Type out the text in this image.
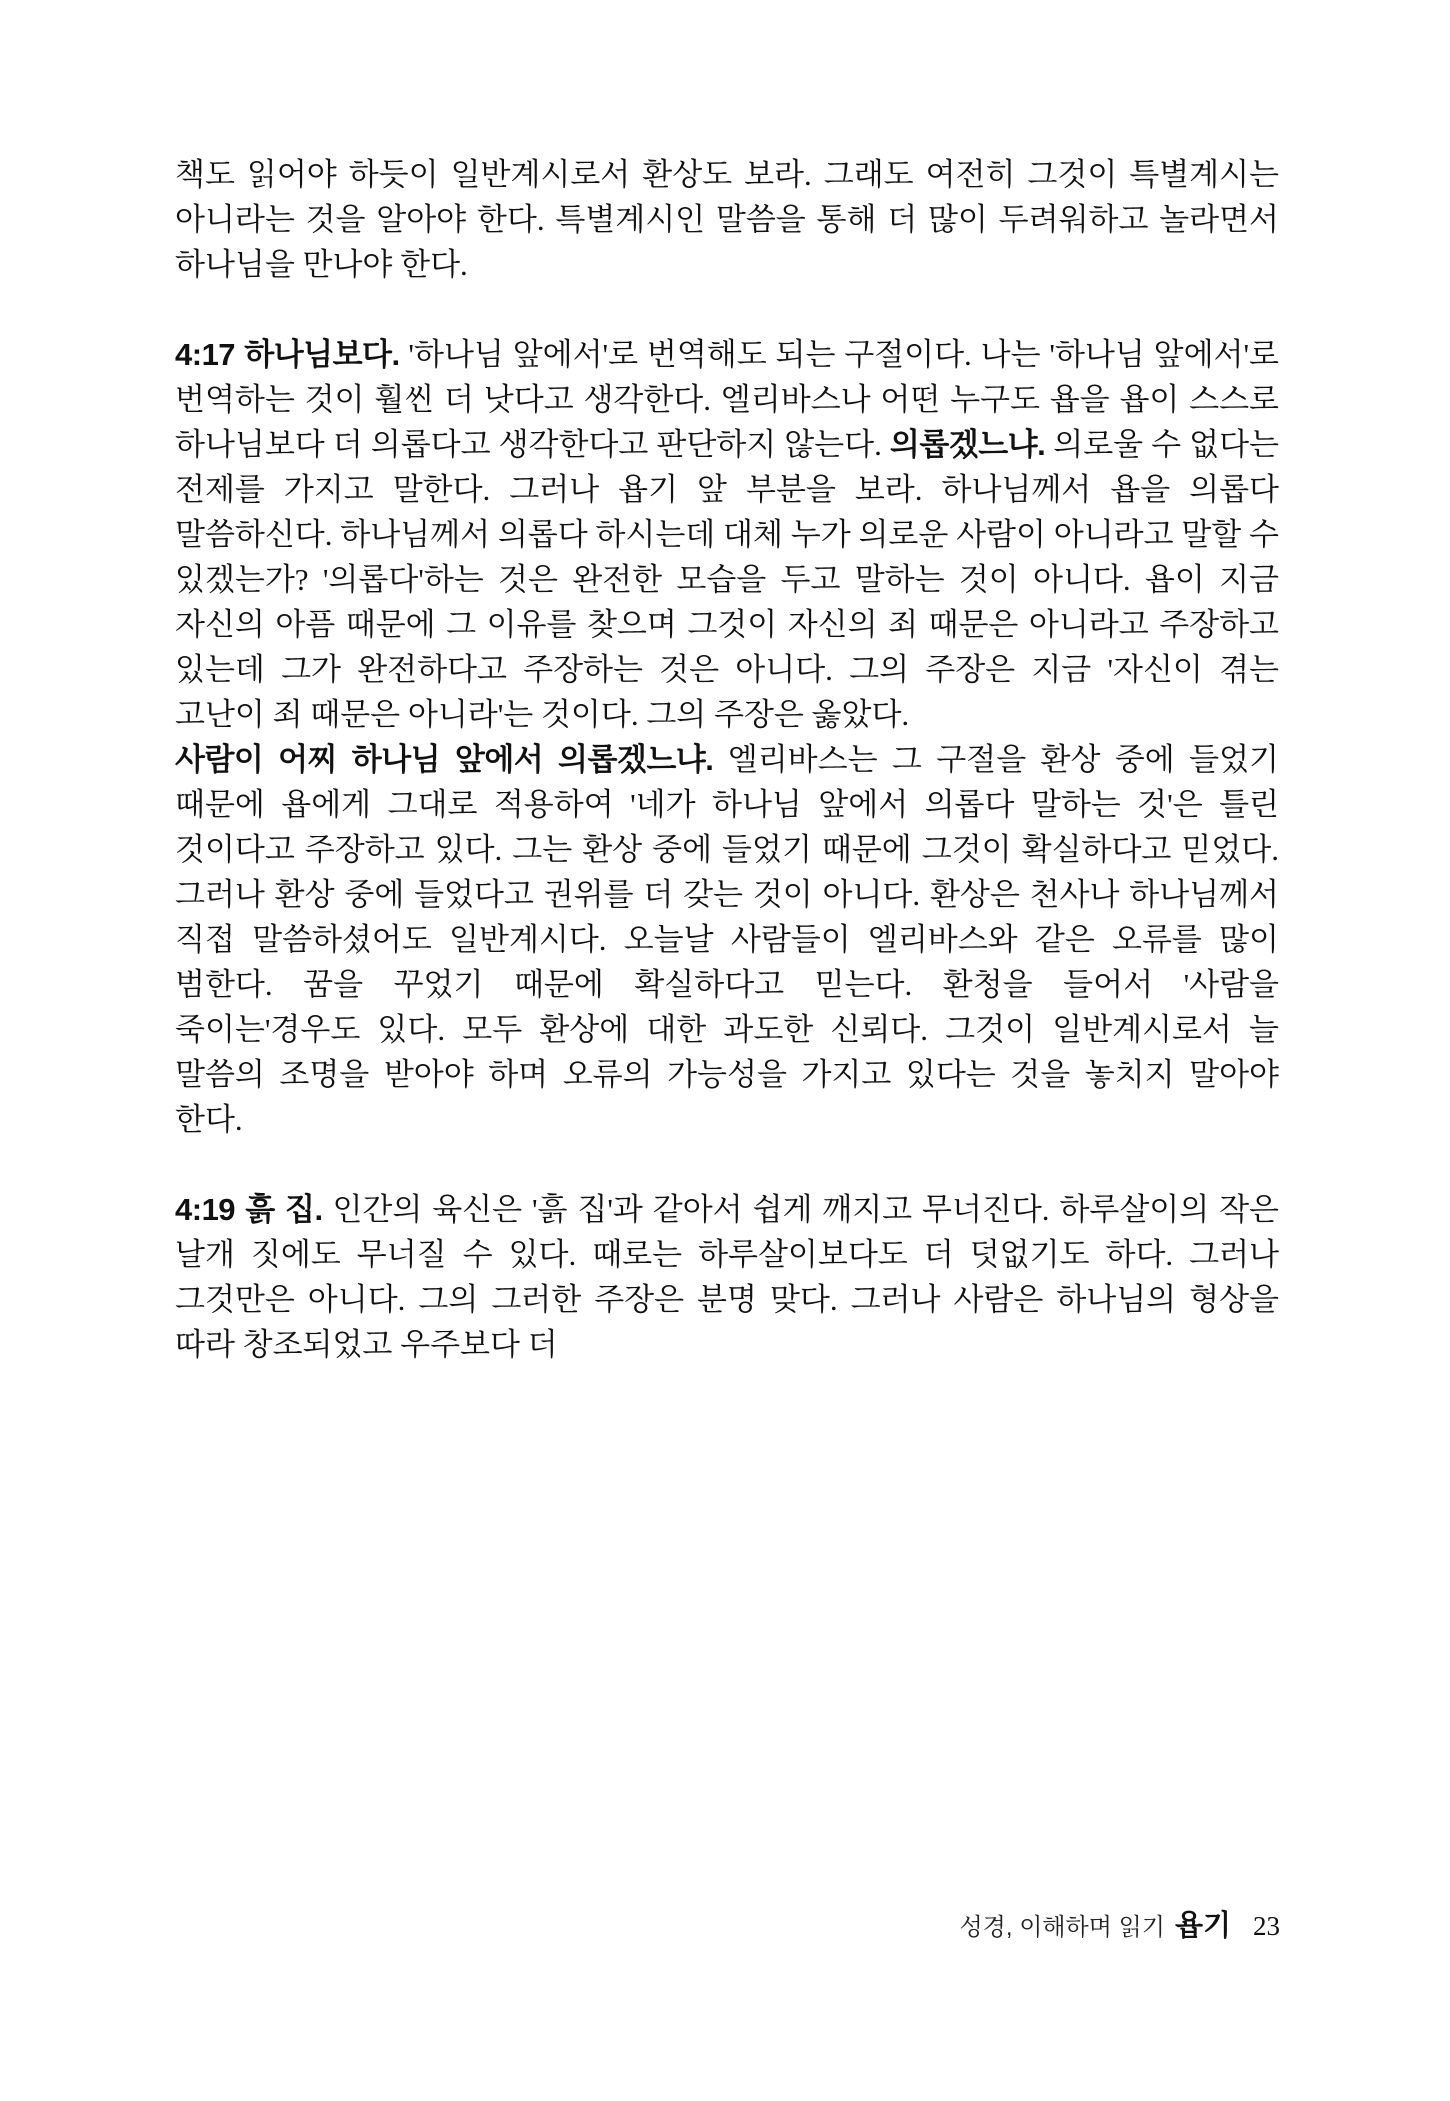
책도 읽어야 하듯이 일반계시로서 환상도 보라. 그래도 여전히 그것이 특별계시는 아니라는 것을 알아야 한다. 특별계시인 말씀을 통해 더 많이 두려워하고 놀라면서 하나님을 만나야 한다.

4:17 하나님보다. '하나님 앞에서'로 번역해도 되는 구절이다. 나는 '하나님 앞에서'로 번역하는 것이 훨씬 더 낫다고 생각한다. 엘리바스나 어떤 누구도 욥을 욥이 스스로 하나님보다 더 의롭다고 생각한다고 판단하지 않는다. 의롭겠느냐. 의로울 수 없다는 전제를 가지고 말한다. 그러나 욥기 앞 부분을 보라. 하나님께서 욥을 의롭다 말씀하신다. 하나님께서 의롭다 하시는데 대체 누가 의로운 사람이 아니라고 말할 수 있겠는가? '의롭다'하는 것은 완전한 모습을 두고 말하는 것이 아니다. 욥이 지금 자신의 아픔 때문에 그 이유를 찾으며 그것이 자신의 죄 때문은 아니라고 주장하고 있는데 그가 완전하다고 주장하는 것은 아니다. 그의 주장은 지금 '자신이 겪는 고난이 죄 때문은 아니라'는 것이다. 그의 주장은 옳았다.

사람이 어찌 하나님 앞에서 의롭겠느냐. 엘리바스는 그 구절을 환상 중에 들었기 때문에 욥에게 그대로 적용하여 '네가 하나님 앞에서 의롭다 말하는 것'은 틀린 것이다고 주장하고 있다. 그는 환상 중에 들었기 때문에 그것이 확실하다고 믿었다. 그러나 환상 중에 들었다고 권위를 더 갖는 것이 아니다. 환상은 천사나 하나님께서 직접 말씀하셨어도 일반계시다. 오늘날 사람들이 엘리바스와 같은 오류를 많이 범한다. 꿈을 꾸었기 때문에 확실하다고 믿는다. 환청을 들어서 '사람을 죽이는'경우도 있다. 모두 환상에 대한 과도한 신뢰다. 그것이 일반계시로서 늘 말씀의 조명을 받아야 하며 오류의 가능성을 가지고 있다는 것을 놓치지 말아야 한다.

4:19 흙 집. 인간의 육신은 '흙 집'과 같아서 쉽게 깨지고 무너진다. 하루살이의 작은 날개 짓에도 무너질 수 있다. 때로는 하루살이보다도 더 덧없기도 하다. 그러나 그것만은 아니다. 그의 그러한 주장은 분명 맞다. 그러나 사람은 하나님의 형상을 따라 창조되었고 우주보다 더

성경, 이해하며 읽기 욥기 23
